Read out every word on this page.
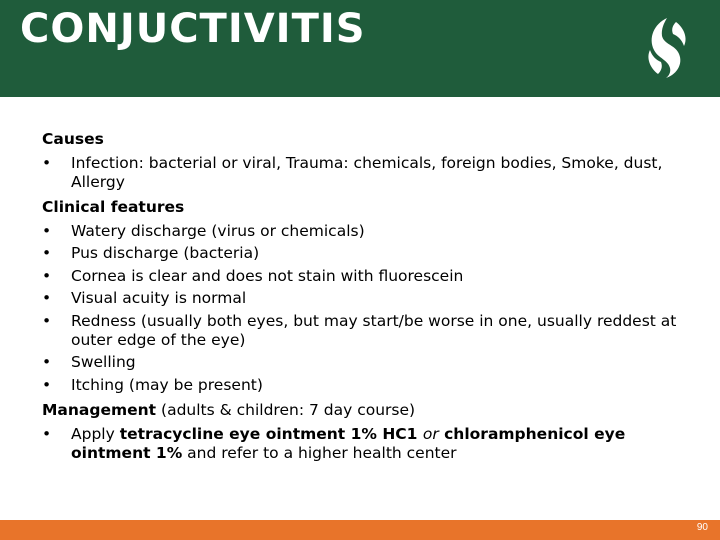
CONJUCTIVITIS
Causes
• Infection: bacterial or viral, Trauma: chemicals, foreign bodies, Smoke, dust, Allergy
Clinical features
• Watery discharge (virus or chemicals)
• Pus discharge (bacteria)
• Cornea is clear and does not stain with fluorescein
• Visual acuity is normal
• Redness (usually both eyes, but may start/be worse in one, usually reddest at outer edge of the eye)
• Swelling
• Itching (may be present)
Management (adults & children: 7 day course)
• Apply tetracycline eye ointment 1% HC1 or chloramphenicol eye ointment 1% and refer to a higher health center
90
